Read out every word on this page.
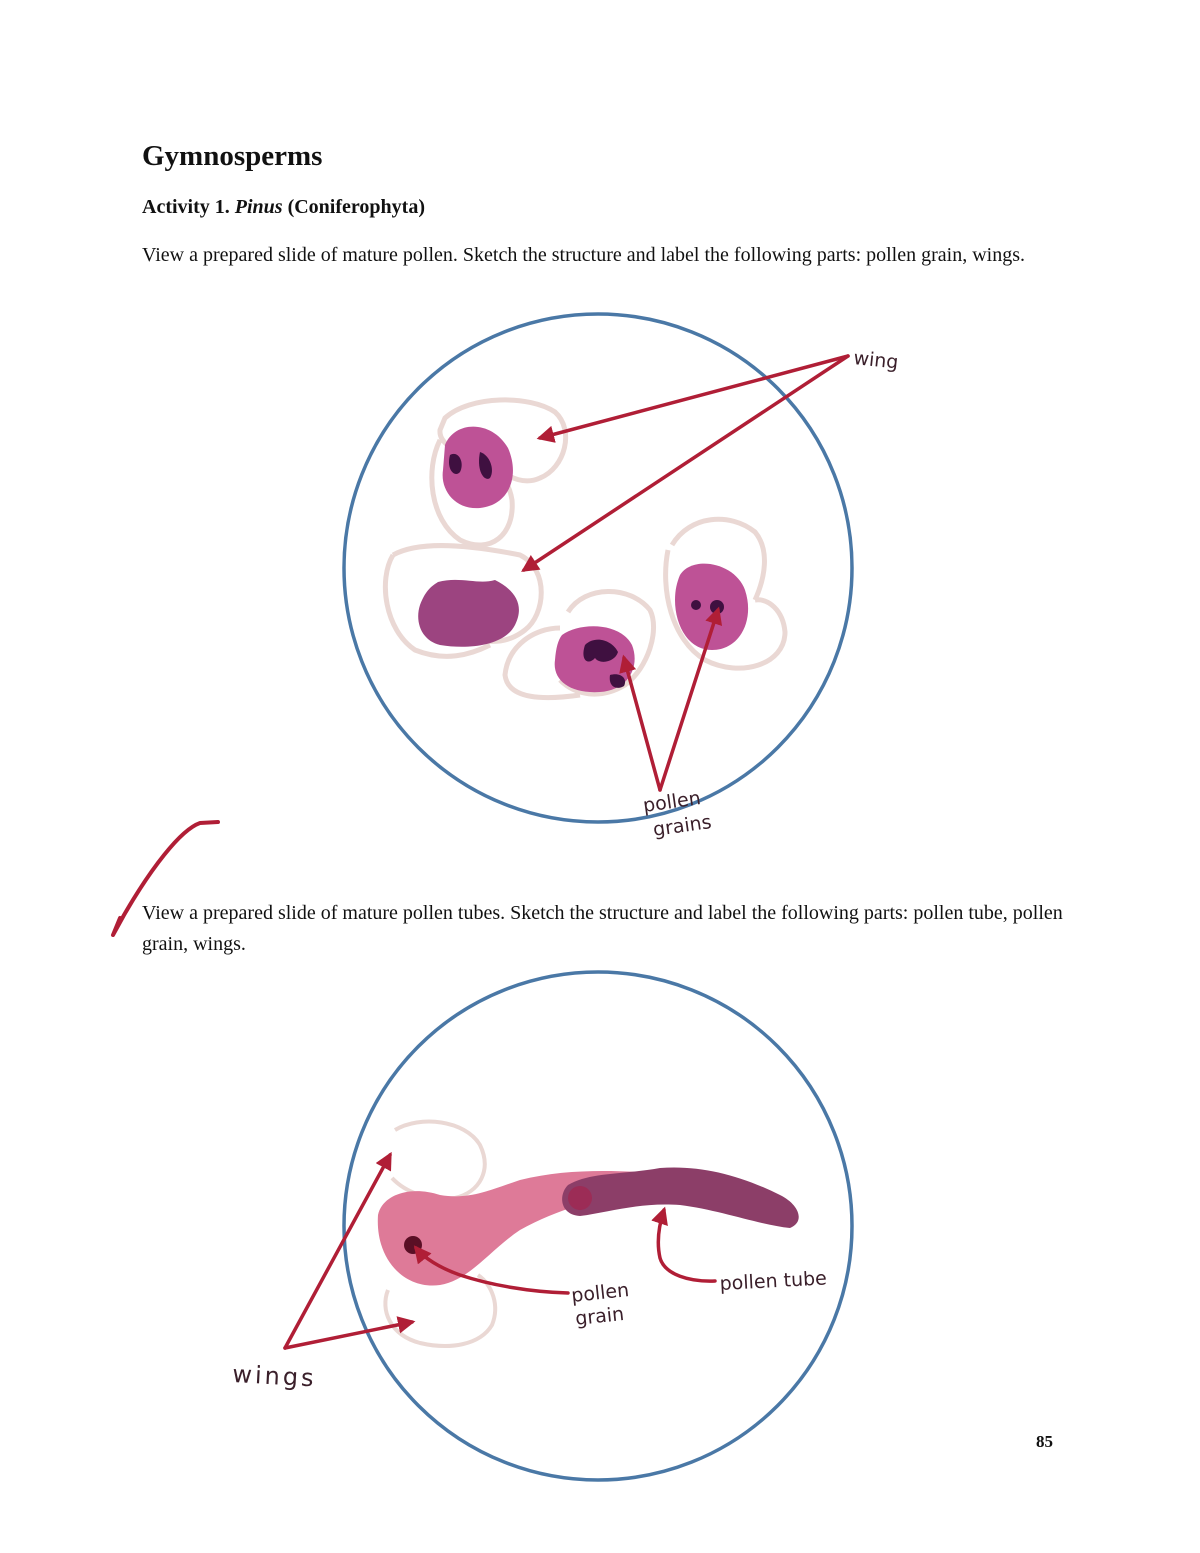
Gymnosperms

Activity 1. Pinus (Coniferophyta)

View a prepared slide of mature pollen. Sketch the structure and label the following parts: pollen grain, wings.

View a prepared slide of mature pollen tubes. Sketch the structure and label the following parts: pollen tube, pollen grain, wings.

wing
pollen
grains
wings
pollen
grain
pollen tube
85
